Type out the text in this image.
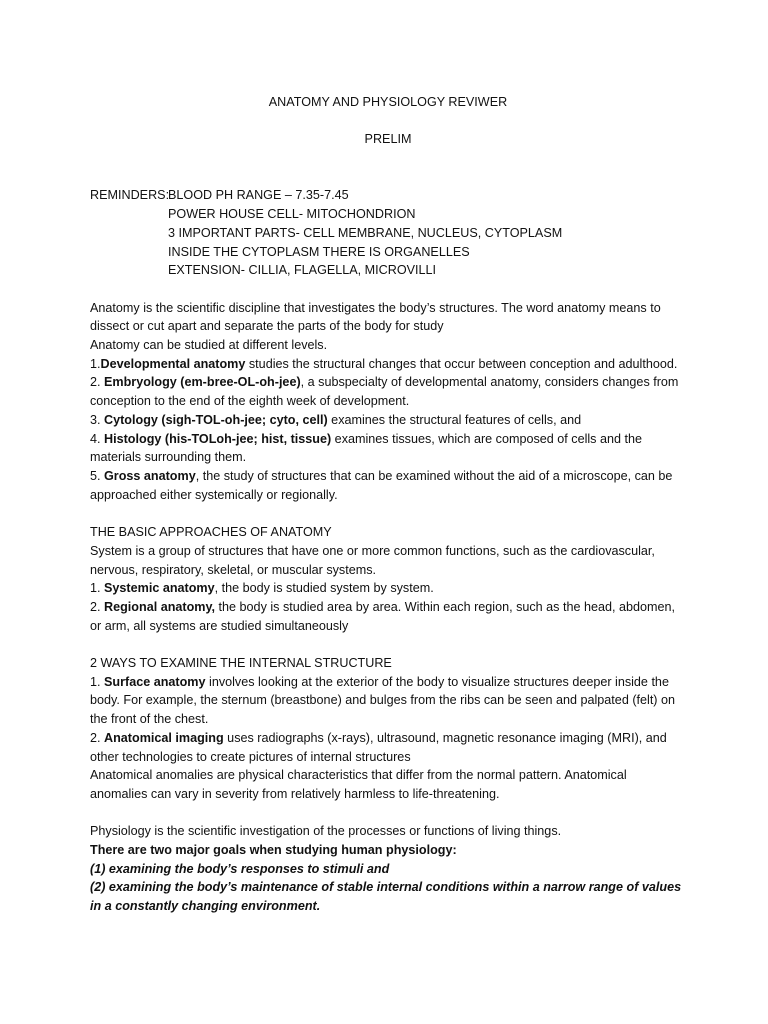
ANATOMY AND PHYSIOLOGY REVIWER
PRELIM
REMINDERS:
BLOOD PH RANGE – 7.35-7.45
POWER HOUSE CELL- MITOCHONDRION
3 IMPORTANT PARTS- CELL MEMBRANE, NUCLEUS, CYTOPLASM
INSIDE THE CYTOPLASM THERE IS ORGANELLES
EXTENSION- CILLIA, FLAGELLA, MICROVILLI
Anatomy is the scientific discipline that investigates the body’s structures. The word anatomy means to dissect or cut apart and separate the parts of the body for study
Anatomy can be studied at different levels.
1.Developmental anatomy studies the structural changes that occur between conception and adulthood.
2. Embryology (em-bree-OL-oh-jee), a subspecialty of developmental anatomy, considers changes from conception to the end of the eighth week of development.
3. Cytology (sigh-TOL-oh-jee; cyto, cell) examines the structural features of cells, and
4. Histology (his-TOLoh-jee; hist, tissue) examines tissues, which are composed of cells and the materials surrounding them.
5. Gross anatomy, the study of structures that can be examined without the aid of a microscope, can be approached either systemically or regionally.
THE BASIC APPROACHES OF ANATOMY
System is a group of structures that have one or more common functions, such as the cardiovascular, nervous, respiratory, skeletal, or muscular systems.
1. Systemic anatomy, the body is studied system by system.
2. Regional anatomy, the body is studied area by area. Within each region, such as the head, abdomen, or arm, all systems are studied simultaneously
2 WAYS TO EXAMINE THE INTERNAL STRUCTURE
1. Surface anatomy involves looking at the exterior of the body to visualize structures deeper inside the body. For example, the sternum (breastbone) and bulges from the ribs can be seen and palpated (felt) on the front of the chest.
2. Anatomical imaging uses radiographs (x-rays), ultrasound, magnetic resonance imaging (MRI), and other technologies to create pictures of internal structures
Anatomical anomalies are physical characteristics that differ from the normal pattern. Anatomical anomalies can vary in severity from relatively harmless to life-threatening.
Physiology is the scientific investigation of the processes or functions of living things.
There are two major goals when studying human physiology:
(1) examining the body’s responses to stimuli and
(2) examining the body’s maintenance of stable internal conditions within a narrow range of values in a constantly changing environment.
